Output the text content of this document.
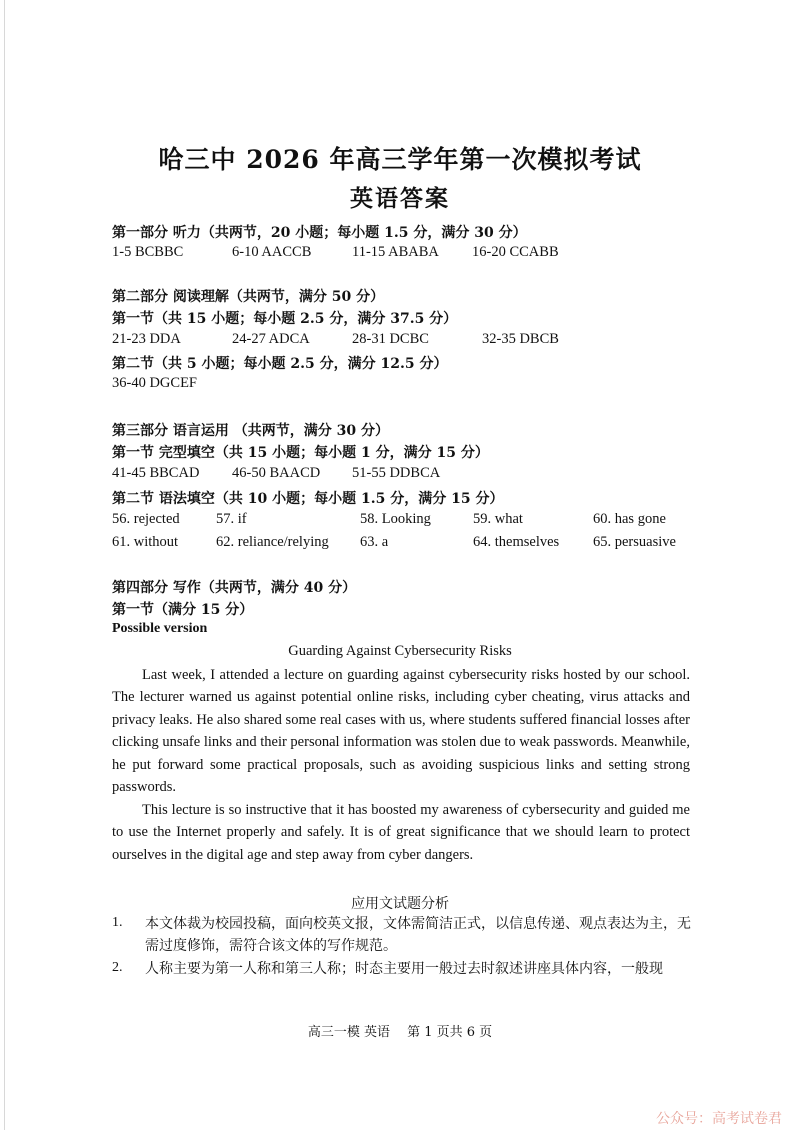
哈三中 2026 年高三学年第一次模拟考试
英语答案
第一部分 听力（共两节，20 小题；每小题 1.5 分，满分 30 分）
1-5 BCBBC	6-10 AACCB	11-15 ABABA 16-20 CCABB
第二部分 阅读理解（共两节，满分 50 分）
第一节（共 15 小题；每小题 2.5 分，满分 37.5 分）
21-23 DDA	24-27 ADCA	28-31 DCBC	32-35 DBCB
第二节（共 5 小题；每小题 2.5 分，满分 12.5 分）
36-40 DGCEF
第三部分 语言运用 （共两节，满分 30 分）
第一节 完型填空（共 15 小题；每小题 1 分，满分 15 分）
41-45 BBCAD 46-50 BAACD 51-55 DDBCA
第二节 语法填空（共 10 小题；每小题 1.5 分，满分 15 分）
56. rejected	57. if	58. Looking	59. what	60. has gone
61. without	62. reliance/relying 63. a	64. themselves 65. persuasive
第四部分 写作（共两节，满分 40 分）
第一节（满分 15 分）
Possible version
Guarding Against Cybersecurity Risks
Last week, I attended a lecture on guarding against cybersecurity risks hosted by our school. The lecturer warned us against potential online risks, including cyber cheating, virus attacks and privacy leaks. He also shared some real cases with us, where students suffered financial losses after clicking unsafe links and their personal information was stolen due to weak passwords. Meanwhile, he put forward some practical proposals, such as avoiding suspicious links and setting strong passwords.
This lecture is so instructive that it has boosted my awareness of cybersecurity and guided me to use the Internet properly and safely. It is of great significance that we should learn to protect ourselves in the digital age and step away from cyber dangers.
应用文试题分析
1. 本文体裁为校园投稿，面向校英文报，文体需简洁正式，以信息传递、观点表达为主，无需过度修饰，需符合该文体的写作规范。
2. 人称主要为第一人称和第三人称；时态主要用一般过去时叙述讲座具体内容，一般现
高三一模 英语　 第 1 页共 6 页
公众号：高考试卷君
